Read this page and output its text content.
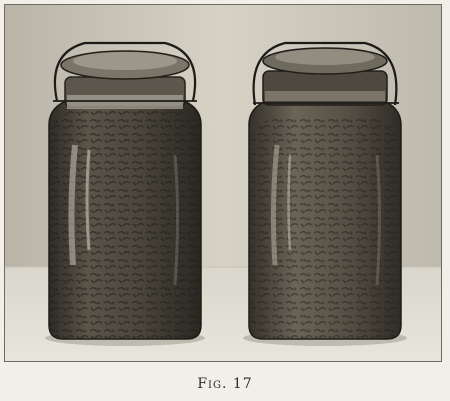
Fig. 17
